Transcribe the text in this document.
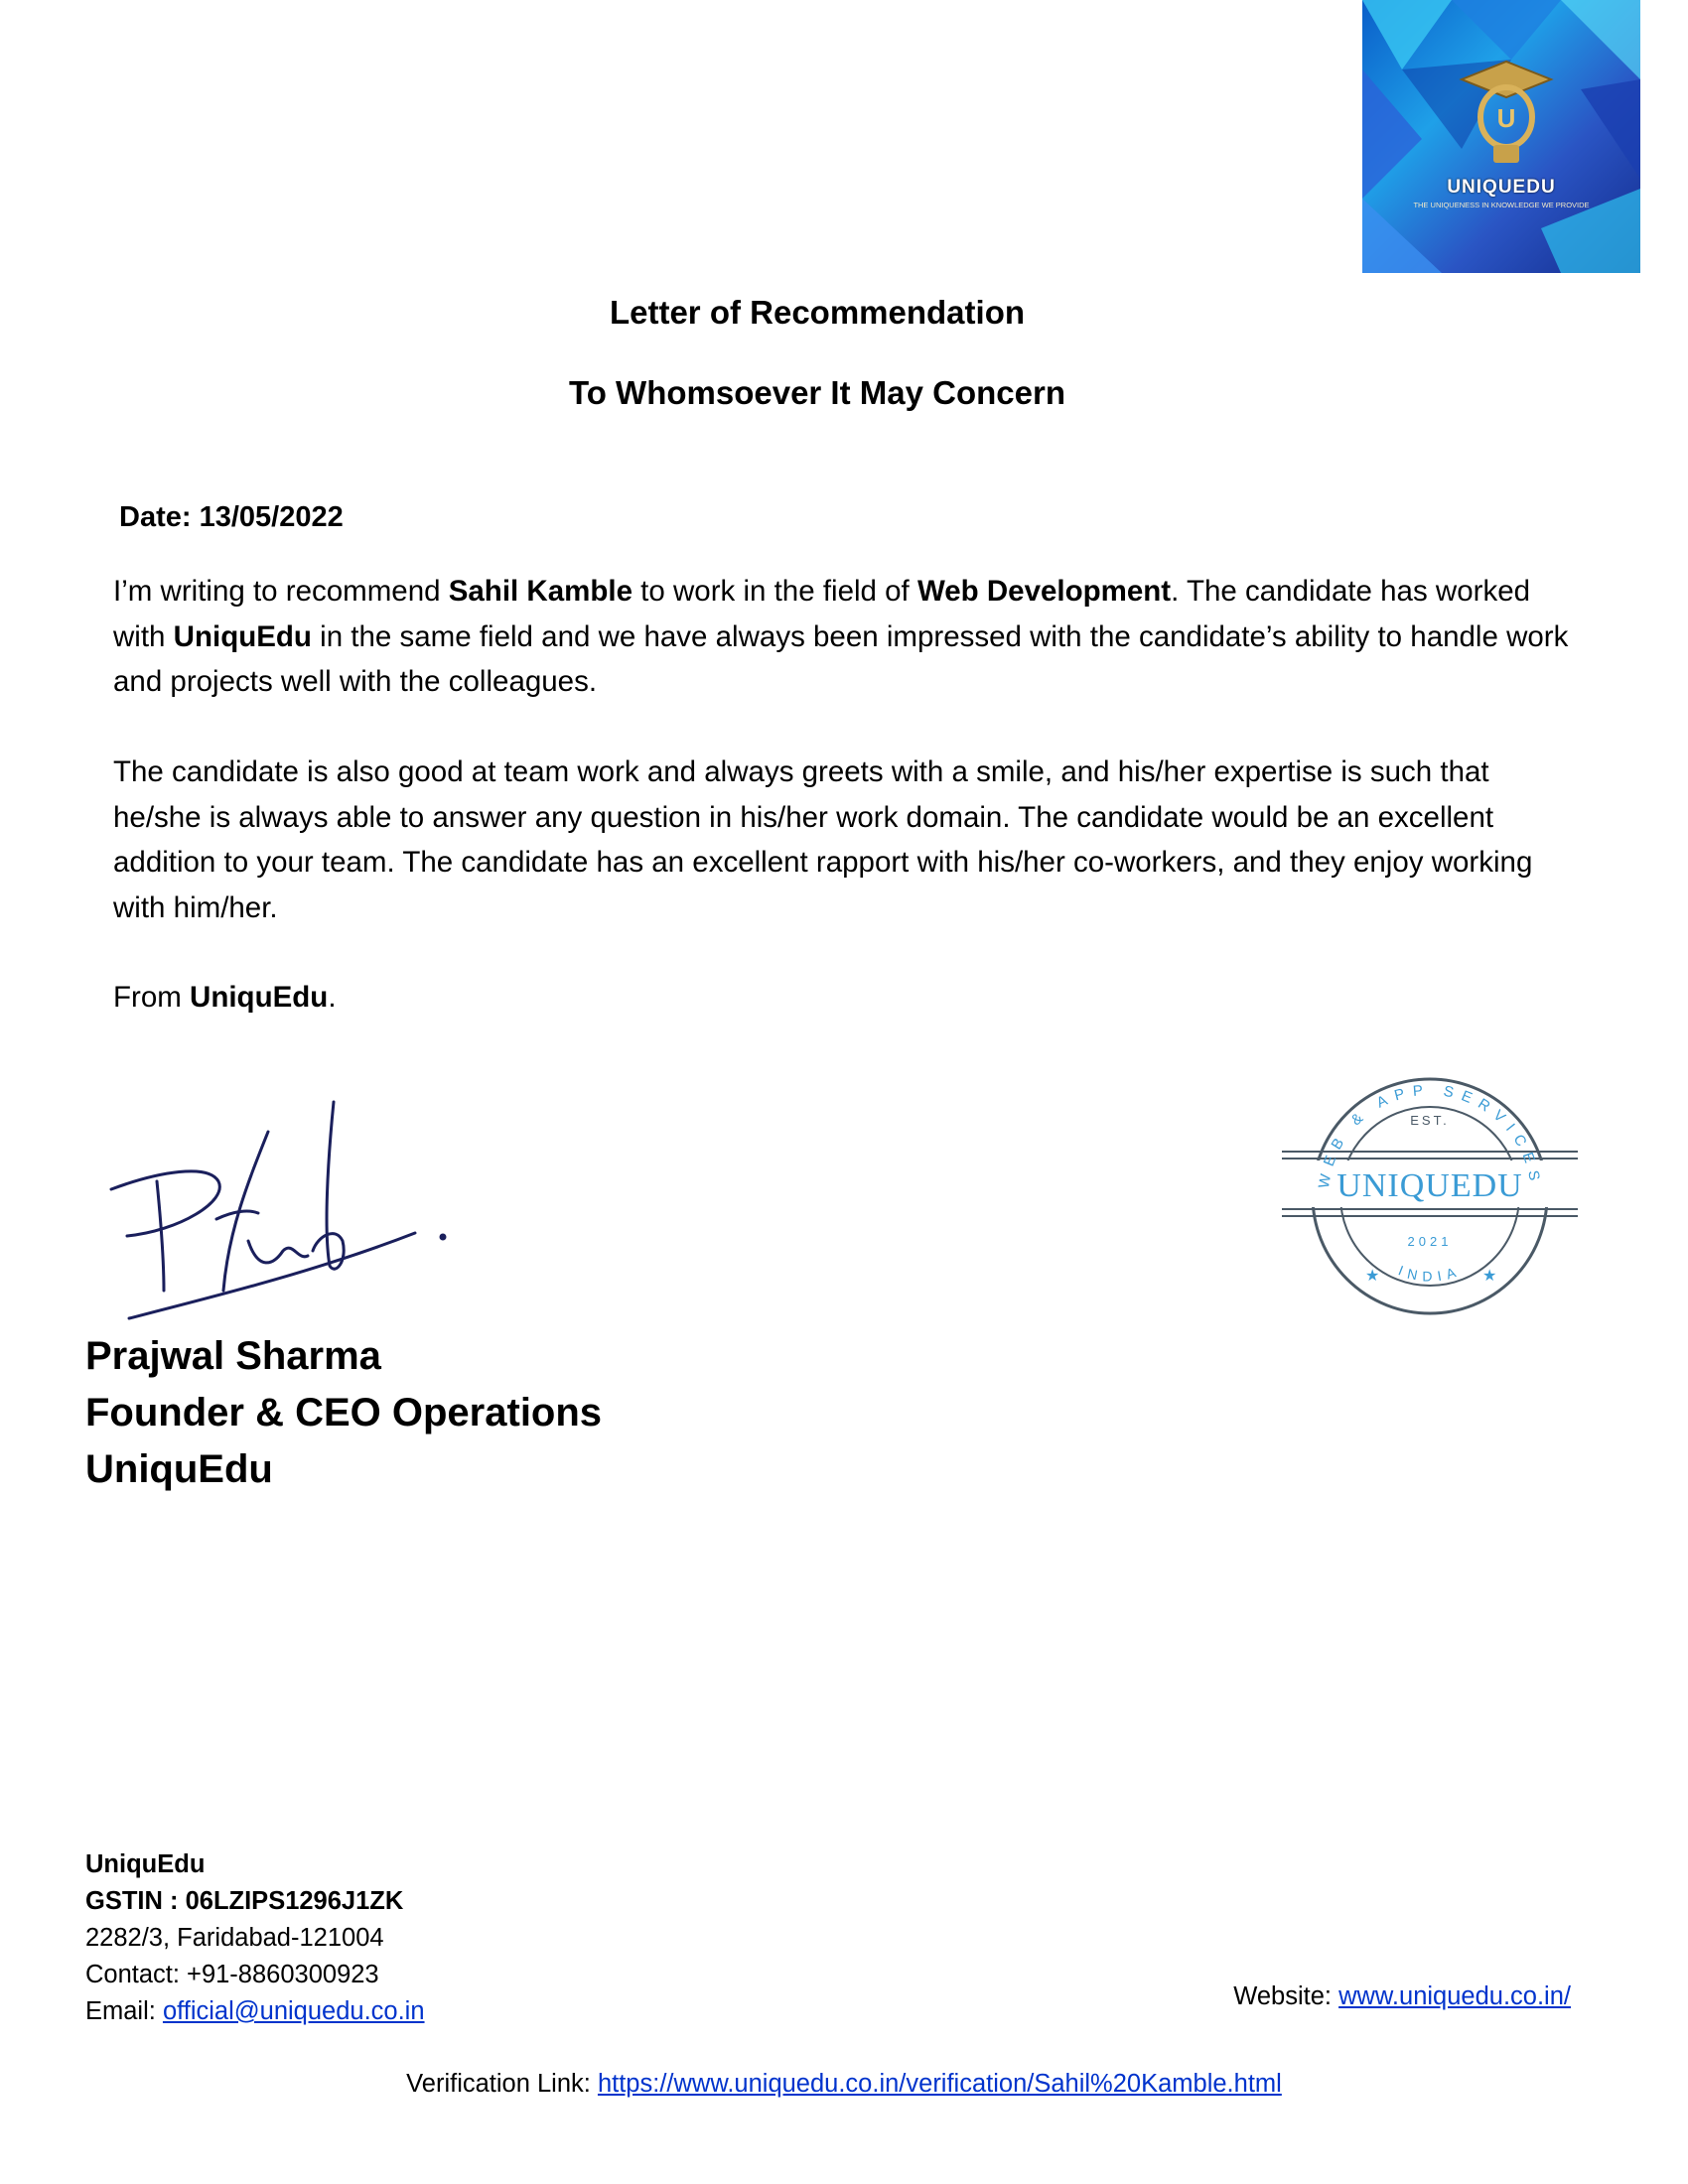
U
UNIQUEDU
THE UNIQUENESS IN KNOWLEDGE WE PROVIDE
Letter of Recommendation
To Whomsoever It May Concern
Date: 13/05/2022
I’m writing to recommend Sahil Kamble to work in the field of Web Development. The candidate has worked with UniquEdu in the same field and we have always been impressed with the candidate’s ability to handle work and projects well with the colleagues.
The candidate is also good at team work and always greets with a smile, and his/her expertise is such that he/she is always able to answer any question in his/her work domain. The candidate would be an excellent addition to your team. The candidate has an excellent rapport with his/her co-workers, and they enjoy working with him/her.
From UniquEdu.
WEB & APP SERVICES
EST.
UNIQUEDU
2021
INDIA
★	★
Prajwal Sharma
Founder & CEO Operations
UniquEdu
UniquEdu
GSTIN : 06LZIPS1296J1ZK
2282/3, Faridabad-121004
Contact: +91-8860300923
Email: official@uniquedu.co.in
Website: www.uniquedu.co.in/
Verification Link: https://www.uniquedu.co.in/verification/Sahil%20Kamble.html
